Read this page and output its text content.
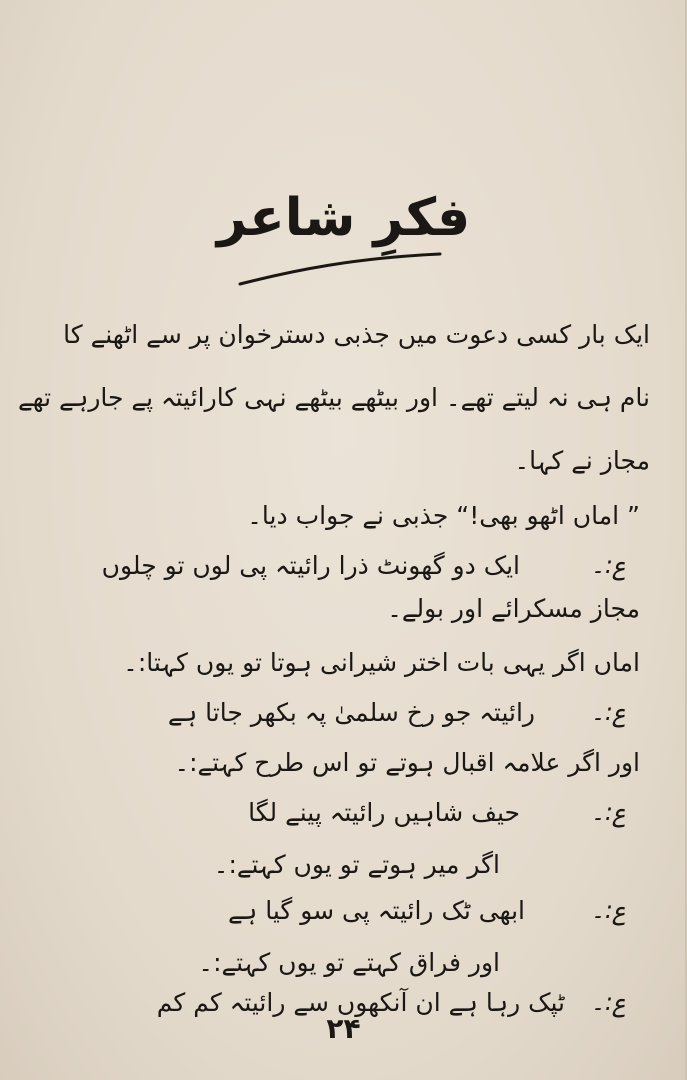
فکرِ شاعر
ایک بار کسی دعوت میں جذبی دسترخوان پر سے اٹھنے کا
نام ہی نہ لیتے تھے۔ اور بیٹھے بیٹھے نہی کارائیتہ پے جارہے تھے
مجاز نے کہا۔
” اماں اٹھو بھی!“ جذبی نے جواب دیا۔
ع:۔
ایک دو گھونٹ ذرا رائیتہ پی لوں تو چلوں
مجاز مسکرائے اور بولے۔
اماں اگر یہی بات اختر شیرانی ہوتا تو یوں کہتا:۔
ع:۔
رائیتہ جو رخ سلمیٰ پہ بکھر جاتا ہے
اور اگر علامہ اقبال ہوتے تو اس طرح کہتے:۔
ع:۔
حیف شاہیں رائیتہ پینے لگا
اگر میر ہوتے تو یوں کہتے:۔
ع:۔
ابھی ٹک رائیتہ پی سو گیا ہے
اور فراق کہتے تو یوں کہتے:۔
ع:۔
ٹپک رہا ہے ان آنکھوں سے رائیتہ کم کم
۲۴
